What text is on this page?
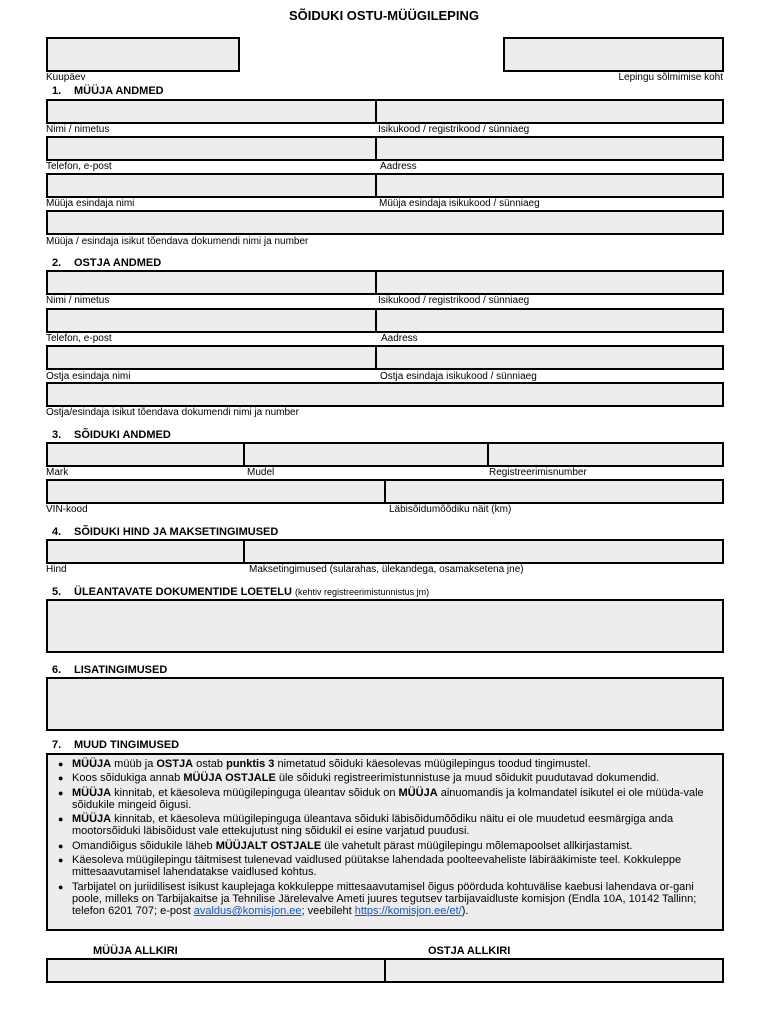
SÕIDUKI OSTU-MÜÜGILEPING
Kuupäev	Lepingu sõlmimise koht
1. MÜÜJA ANDMED
Nimi / nimetus	Isikukood / registrikood / sünniaeg
Telefon, e-post	Aadress
Müüja esindaja nimi	Müüja esindaja isikukood / sünniaeg
Müüja / esindaja isikut tõendava dokumendi nimi ja number
2. OSTJA ANDMED
Nimi / nimetus	Isikukood / registrikood / sünniaeg
Telefon, e-post	Aadress
Ostja esindaja nimi	Ostja esindaja isikukood / sünniaeg
Ostja/esindaja isikut tõendava dokumendi nimi ja number
3. SÕIDUKI ANDMED
Mark	Mudel	Registreerimisnumber
VIN-kood	Läbisõidumõõdiku näit (km)
4. SÕIDUKI HIND JA MAKSETINGIMUSED
Hind	Maksetingimused (sularahas, ülekandega, osamaksetena jne)
5. ÜLEANTAVATE DOKUMENTIDE LOETELU (kehtiv registreerimistunnistus jm)
6. LISATINGIMUSED
7. MUUD TINGIMUSED
● MÜÜJA müüb ja OSTJA ostab punktis 3 nimetatud sõiduki käesolevas müügilepingus toodud tingimustel.
● Koos sõidukiga annab MÜÜJA OSTJALE üle sõiduki registreerimistunnistuse ja muud sõidukit puudutavad dokumendid.
● MÜÜJA kinnitab, et käesoleva müügilepinguga üleantav sõiduk on MÜÜJA ainuomandis ja kolmandatel isikutel ei ole müüda-vale sõidukile mingeid õigusi.
● MÜÜJA kinnitab, et käesoleva müügilepinguga üleantava sõiduki läbisõidumõõdiku näitu ei ole muudetud eesmärgiga anda mootorsõiduki läbisõidust vale ettekujutust ning sõidukil ei esine varjatud puudusi.
● Omandiõigus sõidukile läheb MÜÜJALT OSTJALE üle vahetult pärast müügilepingu mõlemapoolset allkirjastamist.
● Käesoleva müügilepingu täitmisest tulenevad vaidlused püütakse lahendada poolteevaheliste läbirääkimiste teel. Kokkuleppe mittesaavutamisel lahendatakse vaidlused kohtus.
● Tarbijatel on juriidilisest isikust kauplejaga kokkuleppe mittesaavutamisel õigus pöörduda kohtuvälise kaebusi lahendava or-gani poole, milleks on Tarbijakaitse ja Tehnilise Järelevalve Ameti juures tegutsev tarbijavaidluste komisjon (Endla 10A, 10142 Tallinn; telefon 6201 707; e-post avaldus@komisjon.ee; veebileht https://komisjon.ee/et/).
MÜÜJA ALLKIRI	OSTJA ALLKIRI
